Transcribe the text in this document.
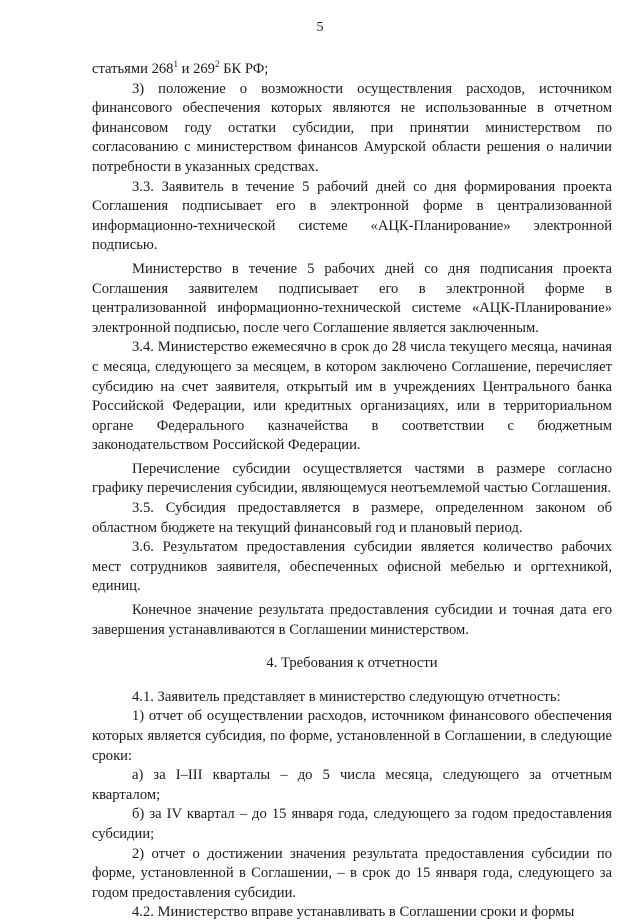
5

статьями $268^1$ и $269^2$ БК РФ;

3) положение о возможности осуществления расходов, источником финансового обеспечения которых являются не использованные в отчетном финансовом году остатки субсидии, при принятии министерством по согласованию с министерством финансов Амурской области решения о наличии потребности в указанных средствах.

3.3. Заявитель в течение 5 рабочий дней со дня формирования проекта Соглашения подписывает его в электронной форме в централизованной информационно-технической системе «АЦК-Планирование» электронной подписью.

Министерство в течение 5 рабочих дней со дня подписания проекта Соглашения заявителем подписывает его в электронной форме в централизованной информационно-технической системе «АЦК-Планирование» электронной подписью, после чего Соглашение является заключенным.

3.4. Министерство ежемесячно в срок до 28 числа текущего месяца, начиная с месяца, следующего за месяцем, в котором заключено Соглашение, перечисляет субсидию на счет заявителя, открытый им в учреждениях Центрального банка Российской Федерации, или кредитных организациях, или в территориальном органе Федерального казначейства в соответствии с бюджетным законодательством Российской Федерации.

Перечисление субсидии осуществляется частями в размере согласно графику перечисления субсидии, являющемуся неотъемлемой частью Соглашения.

3.5. Субсидия предоставляется в размере, определенном законом об областном бюджете на текущий финансовый год и плановый период.

3.6. Результатом предоставления субсидии является количество рабочих мест сотрудников заявителя, обеспеченных офисной мебелью и оргтехникой, единиц.

Конечное значение результата предоставления субсидии и точная дата его завершения устанавливаются в Соглашении министерством.

4. Требования к отчетности

4.1. Заявитель представляет в министерство следующую отчетность:

1) отчет об осуществлении расходов, источником финансового обеспечения которых является субсидия, по форме, установленной в Соглашении, в следующие сроки:

а) за I–III кварталы – до 5 числа месяца, следующего за отчетным кварталом;

б) за IV квартал – до 15 января года, следующего за годом предоставления субсидии;

2) отчет о достижении значения результата предоставления субсидии по форме, установленной в Соглашении, – в срок до 15 января года, следующего за годом предоставления субсидии.

4.2. Министерство вправе устанавливать в Соглашении сроки и формы
